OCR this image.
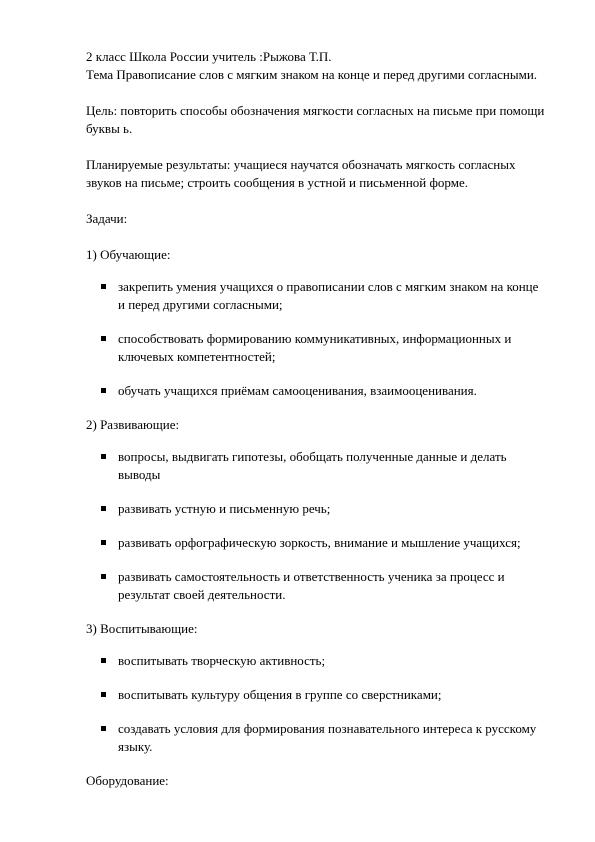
2 класс Школа России учитель :Рыжова Т.П.

Тема Правописание слов с мягким знаком на конце и перед другими согласными.

Цель: повторить способы обозначения мягкости согласных на письме при помощи буквы ь.

Планируемые результаты: учащиеся научатся обозначать мягкость согласных звуков на письме; строить сообщения в устной и письменной форме.

Задачи:

1) Обучающие:

закрепить умения учащихся о правописании слов с мягким знаком на конце и перед другими согласными;
способствовать формированию коммуникативных, информационных и ключевых компетентностей;
обучать учащихся приёмам самооценивания, взаимооценивания.

2) Развивающие:

вопросы, выдвигать гипотезы, обобщать полученные данные и делать выводы
развивать устную и письменную речь;
развивать орфографическую зоркость, внимание и мышление учащихся;
развивать самостоятельность и ответственность ученика за процесс и результат своей деятельности.

3) Воспитывающие:

воспитывать творческую активность;
воспитывать культуру общения в группе со сверстниками;
создавать условия для формирования познавательного интереса к русскому языку.

Оборудование:
